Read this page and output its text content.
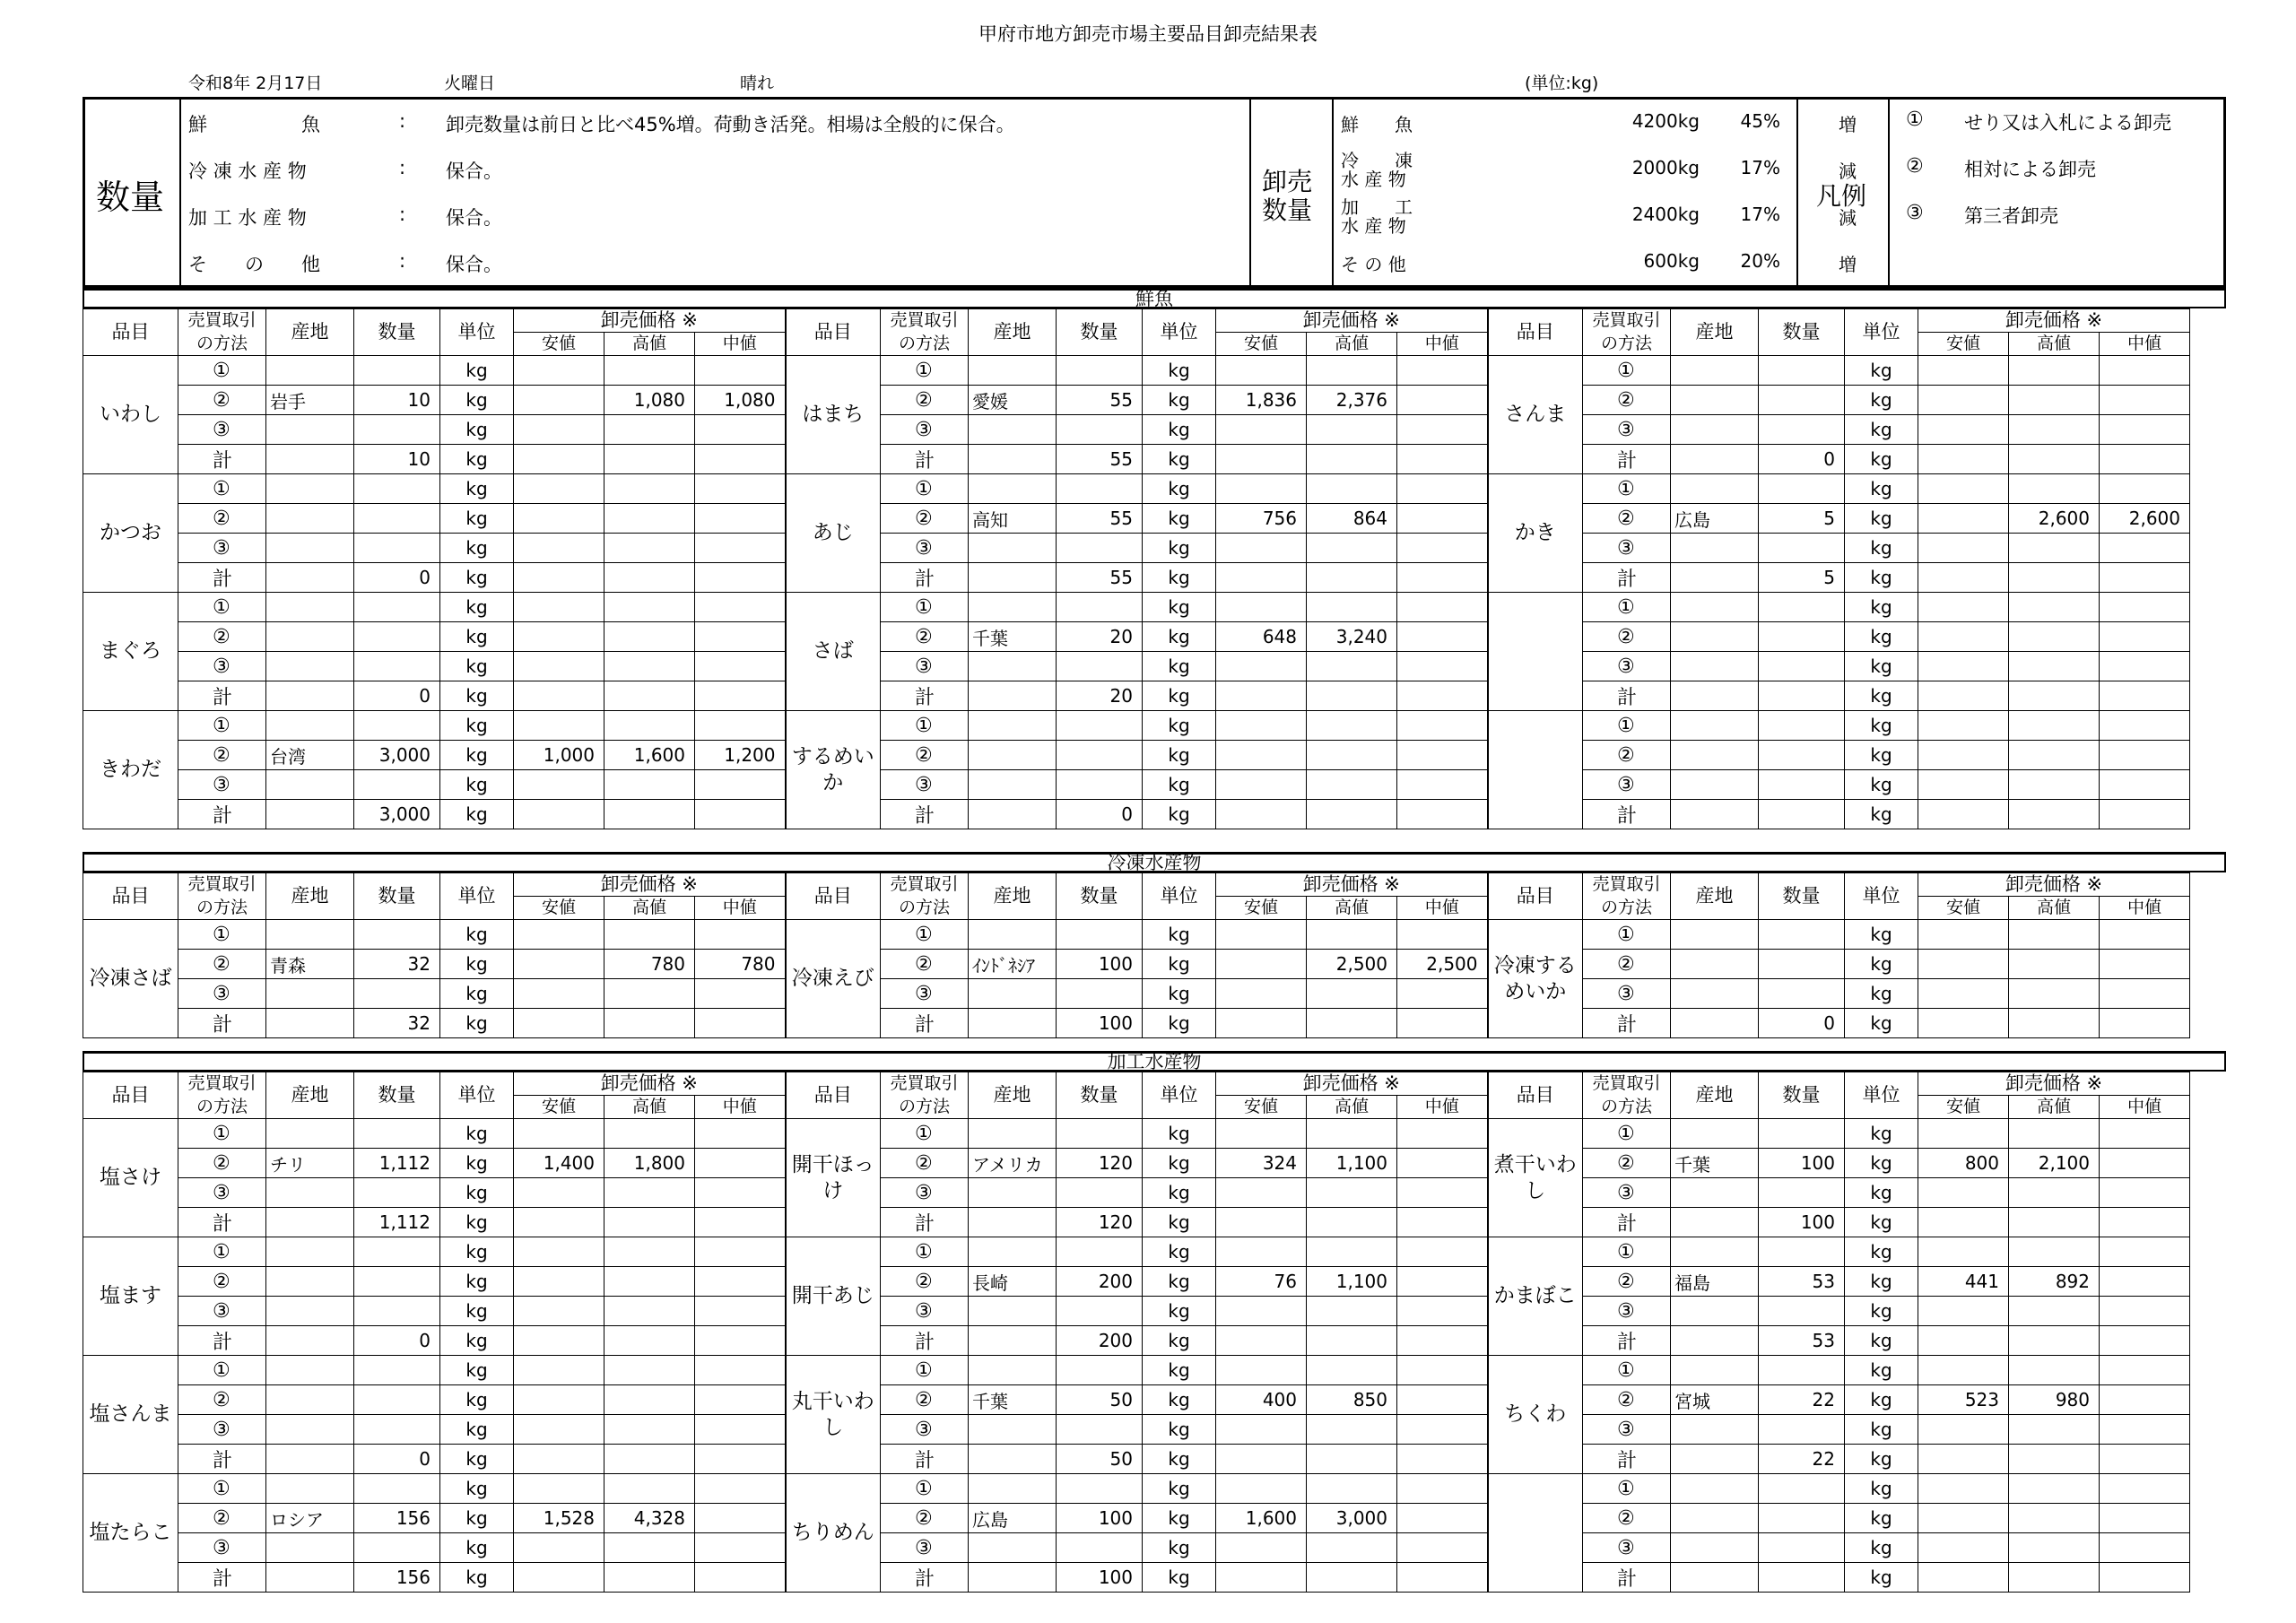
甲府市地方卸売市場主要品目卸売結果表
令和8年 2月17日	火曜日	晴れ	(単位:kg)
数量
鮮　　　　　魚	: 卸売数量は前日と比べ45%増。荷動き活発。相場は全般的に保合。
冷 凍 水 産 物	: 保合。
加 工 水 産 物	: 保合。
そ　　の　　他	: 保合。
卸売
数量
鮮　　魚	4200kg	45%	増
冷　　凍
水 産 物
2000kg	17%	減
加　　工
水 産 物
2400kg	17%	減
そ の 他	600kg	20%	増
凡例
① せり又は入札による卸売
② 相対による卸売
③ 第三者卸売
鮮魚
品目	売買取引	産地	数量	単位	卸売価格 ※			品目	売買取引	産地	数量	単位	卸売価格 ※			品目	売買取引	産地	数量	単位	卸売価格 ※		
	の方法				安値	高値	中値		の方法				安値	高値	中値		の方法				安値	高値	中値
いわし	①			kg				はまち	①			kg				さんま	①			kg			
	②	岩手	10	kg		1,080	1,080		②	愛媛	55	kg	1,836	2,376			②			kg			
	③			kg					③			kg					③			kg			
	計		10	kg					計		55	kg					計		0	kg			
かつお	①			kg				あじ	①			kg				かき	①			kg			
	②			kg					②	高知	55	kg	756	864			②	広島	5	kg		2,600	2,600
	③			kg					③			kg					③			kg			
	計		0	kg					計		55	kg					計		5	kg			
まぐろ	①			kg				さば	①			kg					①			kg			
	②			kg					②	千葉	20	kg	648	3,240			②			kg			
	③			kg					③			kg					③			kg			
	計		0	kg					計		20	kg					計			kg			
きわだ	①			kg				するめいか	①			kg					①			kg			
	②	台湾	3,000	kg	1,000	1,600	1,200		②			kg					②			kg			
	③			kg					③			kg					③			kg			
	計		3,000	kg					計		0	kg					計			kg			
冷凍水産物
品目	売買取引	産地	数量	単位	卸売価格 ※			品目	売買取引	産地	数量	単位	卸売価格 ※			品目	売買取引	産地	数量	単位	卸売価格 ※		
	の方法				安値	高値	中値		の方法				安値	高値	中値		の方法				安値	高値	中値
冷凍さば	①			kg				冷凍えび	①			kg				冷凍するめいか	①			kg			
	②	青森	32	kg		780	780		②	ｲﾝﾄﾞﾈｼｱ	100	kg		2,500	2,500		②			kg			
	③			kg					③			kg					③			kg			
	計		32	kg					計		100	kg					計		0	kg			
加工水産物
品目	売買取引	産地	数量	単位	卸売価格 ※			品目	売買取引	産地	数量	単位	卸売価格 ※			品目	売買取引	産地	数量	単位	卸売価格 ※		
	の方法				安値	高値	中値		の方法				安値	高値	中値		の方法				安値	高値	中値
塩さけ	①			kg				開干ほっけ	①			kg				煮干いわし	①			kg			
	②	チリ	1,112	kg	1,400	1,800			②	アメリカ	120	kg	324	1,100			②	千葉	100	kg	800	2,100	
	③			kg					③			kg					③			kg			
	計		1,112	kg					計		120	kg					計		100	kg			
塩ます	①			kg				開干あじ	①			kg				かまぼこ	①			kg			
	②			kg					②	長崎	200	kg	76	1,100			②	福島	53	kg	441	892	
	③			kg					③			kg					③			kg			
	計		0	kg					計		200	kg					計		53	kg			
塩さんま	①			kg				丸干いわし	①			kg				ちくわ	①			kg			
	②			kg					②	千葉	50	kg	400	850			②	宮城	22	kg	523	980	
	③			kg					③			kg					③			kg			
	計		0	kg					計		50	kg					計		22	kg			
塩たらこ	①			kg				ちりめん	①			kg					①			kg			
	②	ロシア	156	kg	1,528	4,328			②	広島	100	kg	1,600	3,000			②			kg			
	③			kg					③			kg					③			kg			
	計		156	kg					計		100	kg					計			kg			
